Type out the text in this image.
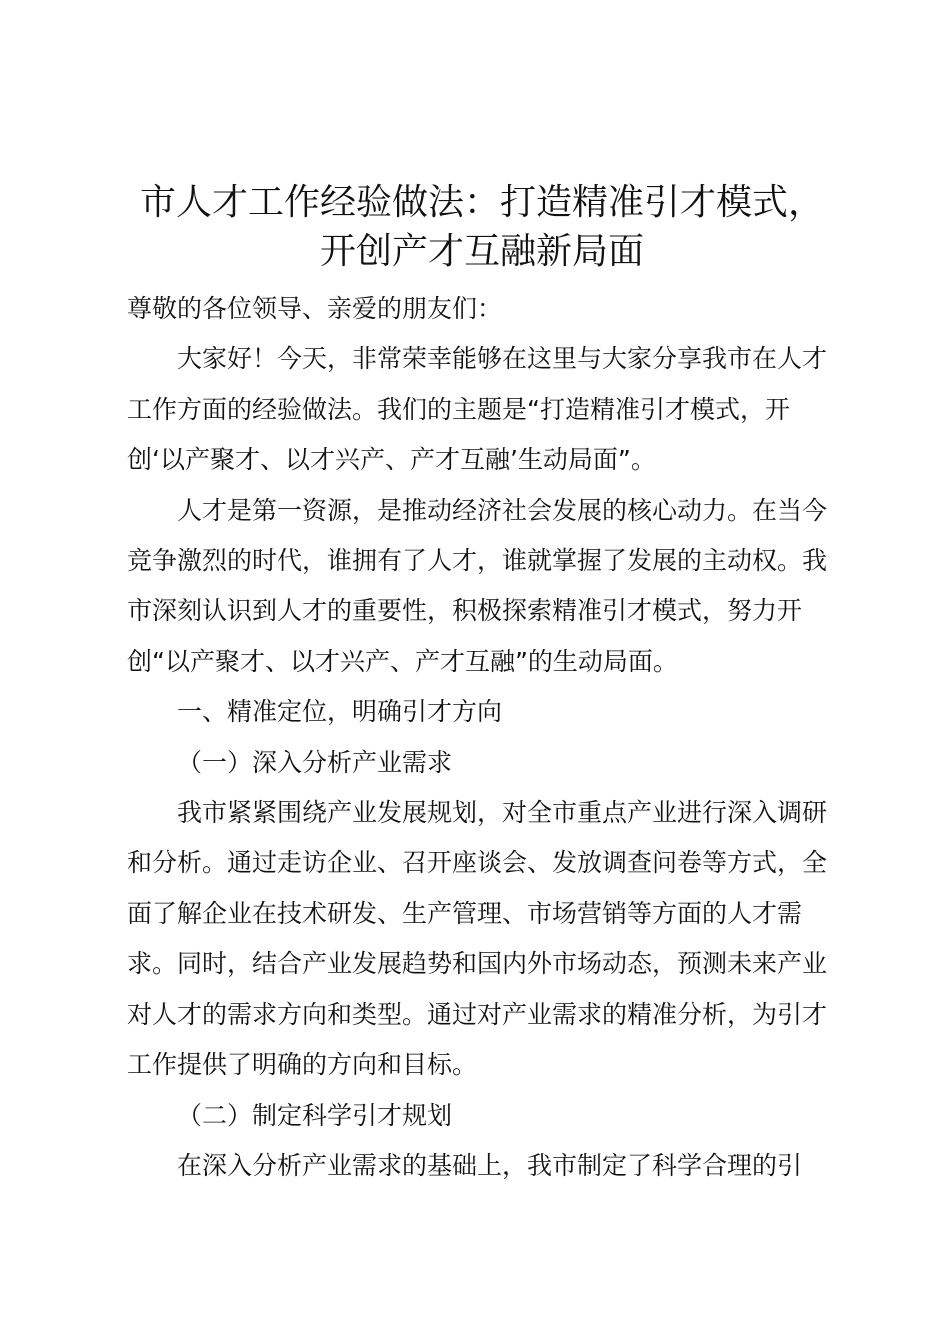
市人才工作经验做法：打造精准引才模式，开创产才互融新局面

尊敬的各位领导、亲爱的朋友们：

大家好！今天，非常荣幸能够在这里与大家分享我市在人才工作方面的经验做法。我们的主题是“打造精准引才模式，开创‘以产聚才、以才兴产、产才互融’生动局面”。

人才是第一资源，是推动经济社会发展的核心动力。在当今竞争激烈的时代，谁拥有了人才，谁就掌握了发展的主动权。我市深刻认识到人才的重要性，积极探索精准引才模式，努力开创“以产聚才、以才兴产、产才互融”的生动局面。

一、精准定位，明确引才方向

（一）深入分析产业需求

我市紧紧围绕产业发展规划，对全市重点产业进行深入调研和分析。通过走访企业、召开座谈会、发放调查问卷等方式，全面了解企业在技术研发、生产管理、市场营销等方面的人才需求。同时，结合产业发展趋势和国内外市场动态，预测未来产业对人才的需求方向和类型。通过对产业需求的精准分析，为引才工作提供了明确的方向和目标。

（二）制定科学引才规划

在深入分析产业需求的基础上，我市制定了科学合理的引
